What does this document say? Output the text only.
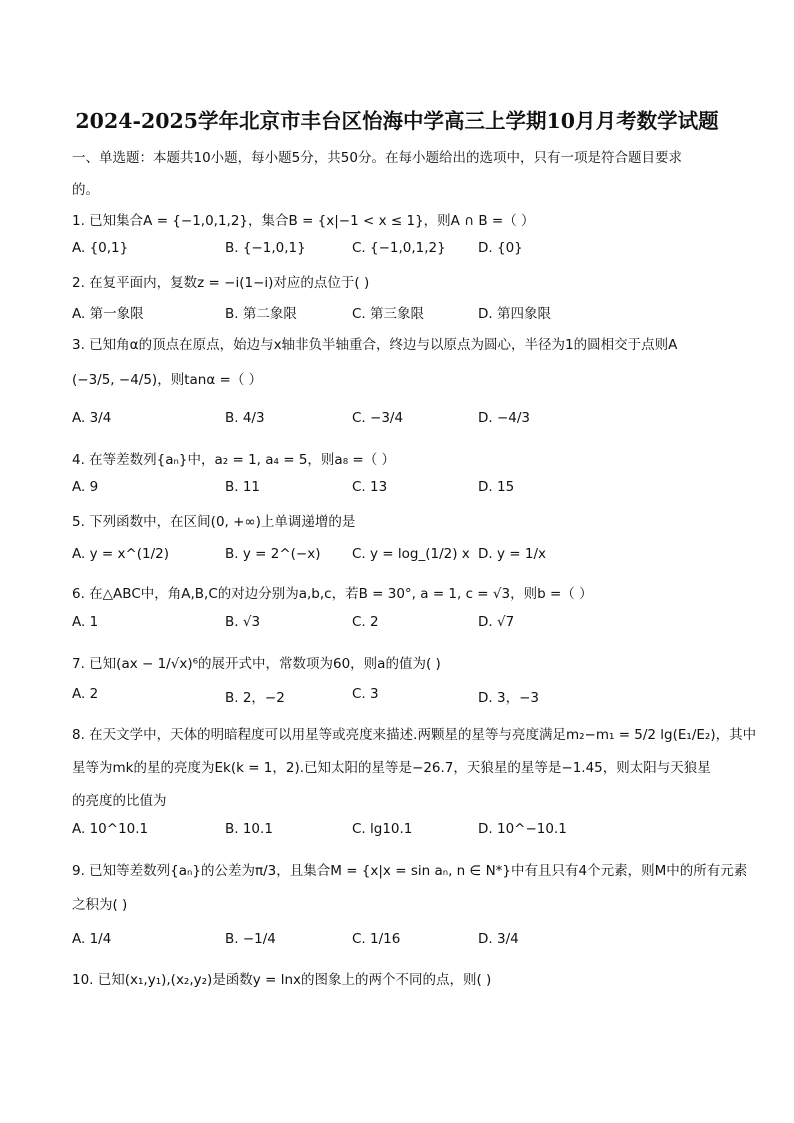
2024-2025学年北京市丰台区怡海中学高三上学期10月月考数学试题
一、单选题：本题共10小题，每小题5分，共50分。在每小题给出的选项中，只有一项是符合题目要求
的。
1. 已知集合A = {−1,0,1,2}，集合B = {x|−1 < x ≤ 1}，则A ∩ B =（ ）
A. {0,1}	B. {−1,0,1}	C. {−1,0,1,2} D. {0}
2. 在复平面内，复数z = −i(1−i)对应的点位于( )
A. 第一象限	B. 第二象限	C. 第三象限	D. 第四象限
3. 已知角α的顶点在原点，始边与x轴非负半轴重合，终边与以原点为圆心，半径为1的圆相交于点则A
(−3/5, −4/5)，则tanα =（ ）
A. 3/4	B. 4/3	C. −3/4	D. −4/3
4. 在等差数列{aₙ}中，a₂ = 1, a₄ = 5，则a₈ =（ ）
A. 9	B. 11	C. 13	D. 15
5. 下列函数中，在区间(0, +∞)上单调递增的是
A. y = x^(1/2)	B. y = 2^(−x) C. y = log_(1/2) x D. y = 1/x
6. 在△ABC中，角A,B,C的对边分别为a,b,c，若B = 30°, a = 1, c = √3，则b =（ ）
A. 1	B. √3	C. 2	D. √7
7. 已知(ax − 1/√x)⁶的展开式中，常数项为60，则a的值为( )
A. 2	B. 2，−2	C. 3	D. 3，−3
8. 在天文学中，天体的明暗程度可以用星等或亮度来描述.两颗星的星等与亮度满足m₂−m₁ = 5/2 lg(E₁/E₂)，其中
星等为mk的星的亮度为Ek(k = 1，2).已知太阳的星等是−26.7，天狼星的星等是−1.45，则太阳与天狼星
的亮度的比值为
A. 10^10.1	B. 10.1	C. lg10.1	D. 10^−10.1
9. 已知等差数列{aₙ}的公差为π/3，且集合M = {x|x = sin aₙ, n ∈ N*}中有且只有4个元素，则M中的所有元素
之积为( )
A. 1/4	B. −1/4	C. 1/16	D. 3/4
10. 已知(x₁,y₁),(x₂,y₂)是函数y = lnx的图象上的两个不同的点，则( )
